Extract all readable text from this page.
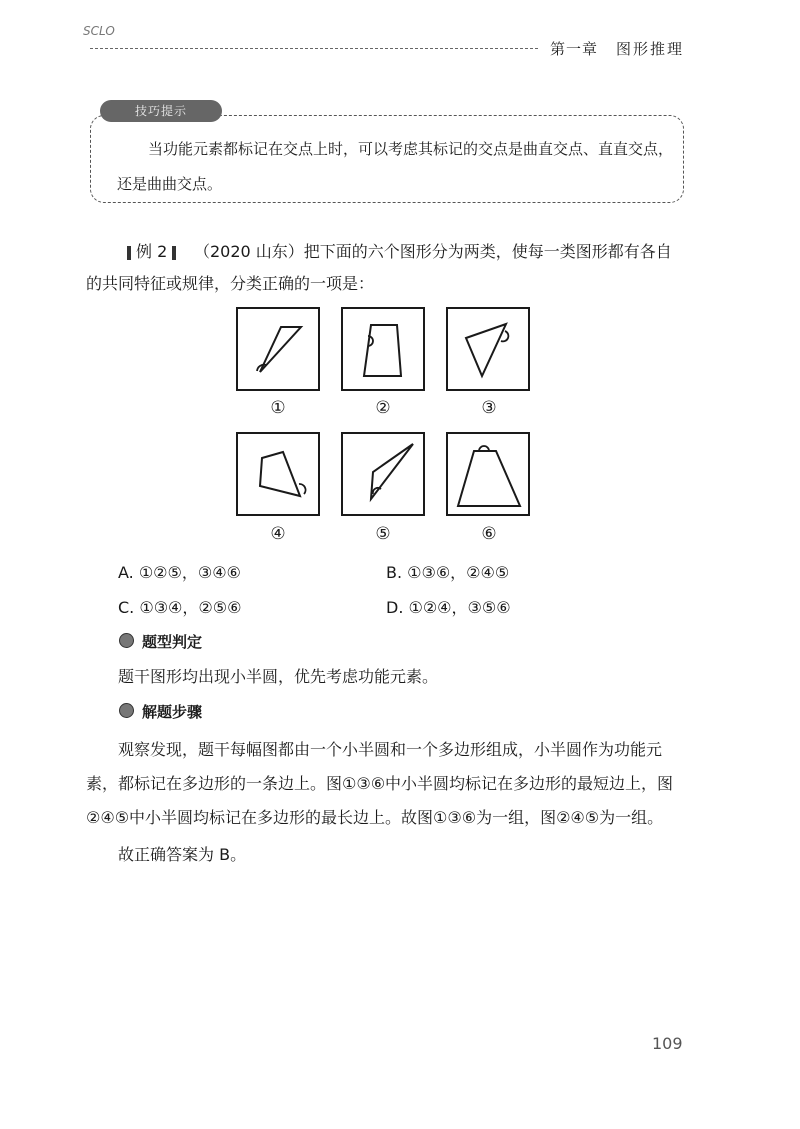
SCLO
第一章 图形推理
技巧提示
当功能元素都标记在交点上时，可以考虑其标记的交点是曲直交点、直直交点，
还是曲曲交点。
例 2	（2020 山东）把下面的六个图形分为两类，使每一类图形都有各自
的共同特征或规律，分类正确的一项是：
①	②	③
④	⑤	⑥
A. ①②⑤，③④⑥	B. ①③⑥，②④⑤
C. ①③④，②⑤⑥	D. ①②④，③⑤⑥
题型判定
题干图形均出现小半圆，优先考虑功能元素。
解题步骤
观察发现，题干每幅图都由一个小半圆和一个多边形组成，小半圆作为功能元
素，都标记在多边形的一条边上。图①③⑥中小半圆均标记在多边形的最短边上，图
②④⑤中小半圆均标记在多边形的最长边上。故图①③⑥为一组，图②④⑤为一组。
故正确答案为 B。
109
